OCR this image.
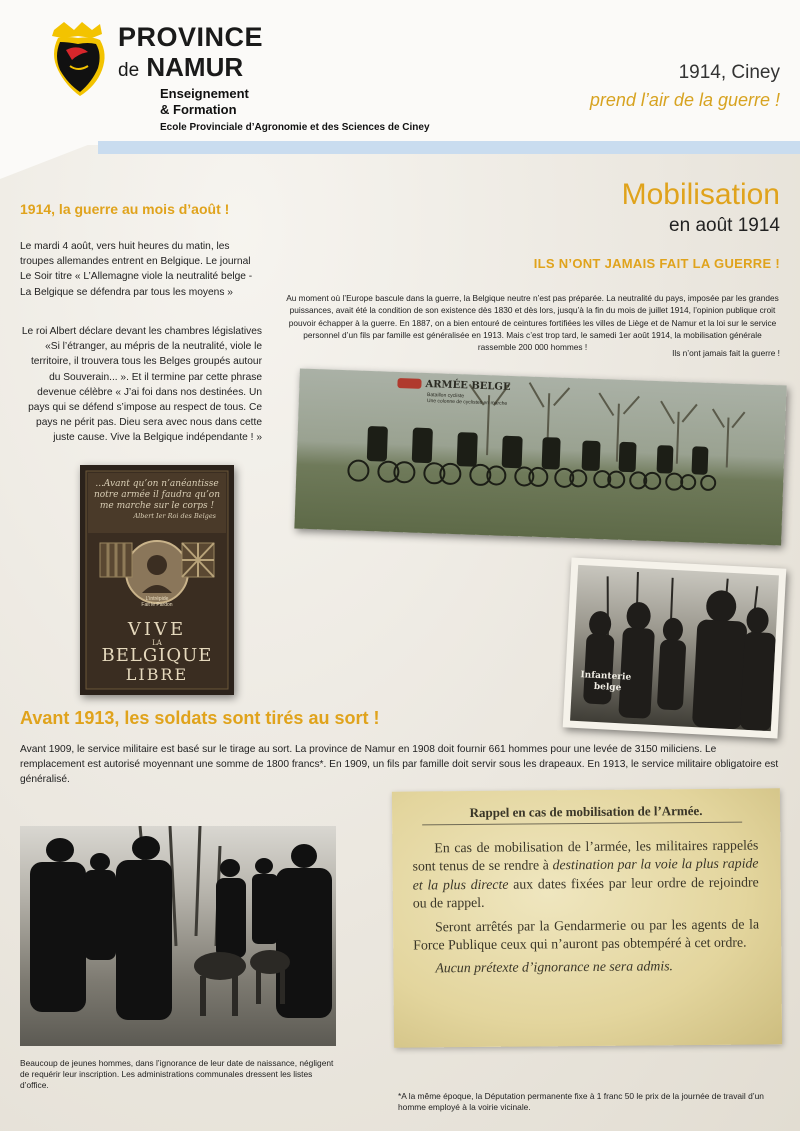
PROVINCE
de NAMUR
Enseignement
& Formation
Ecole Provinciale d’Agronomie et des Sciences de Ciney
1914, Ciney
prend l’air de la guerre !
1914, la guerre au mois d’août !
Le mardi 4 août, vers huit heures du matin, les troupes allemandes entrent en Belgique. Le journal Le Soir titre « L’Allemagne viole la neutralité belge - La Belgique se défendra par tous les moyens »
Le roi Albert déclare devant les chambres législatives «Si l’étranger, au mépris de la neutralité, viole le territoire, il trouvera tous les Belges groupés autour du Souverain... ». Et il termine par cette phrase devenue célèbre « J’ai foi dans nos destinées. Un pays qui se défend s’impose au respect de tous. Ce pays ne périt pas. Dieu sera avec nous dans cette juste cause. Vive la Belgique indépendante ! »
...Avant qu’on n’anéantisse
notre armée il faudra qu’on
me marche sur le corps !
Albert Ier Roi des Belges
L’intrépide
Fait le Pardon
VIVE
LA
BELGIQUE
LIBRE
Mobilisation
en août 1914
ILS N’ONT JAMAIS FAIT LA GUERRE !
Au moment où l’Europe bascule dans la guerre, la Belgique neutre n’est pas préparée. La neutralité du pays, imposée par les grandes puissances, avait été la condition de son existence dès 1830 et dès lors, jusqu’à la fin du mois de juillet 1914, l’opinion publique croit pouvoir échapper à la guerre. En 1887, on a bien entouré de ceintures fortifiées les villes de Liège et de Namur et la loi sur le service personnel d’un fils par famille est généralisée en 1913. Mais c’est trop tard, le samedi 1er août 1914, la mobilisation générale rassemble 200 000 hommes !
Ils n’ont jamais fait la guerre !
ARMÉE BELGE
Bataillon cycliste
Une colonne de cyclistes en marche
Infanterie
belge
Avant 1913, les soldats sont tirés au sort !
Avant 1909, le service militaire est basé sur le tirage au sort. La province de Namur en 1908 doit fournir 661 hommes pour une levée de 3150 miliciens. Le remplacement est autorisé moyennant une somme de 1800 francs*. En 1909, un fils par famille doit servir sous les drapeaux. En 1913, le service militaire obligatoire est généralisé.
Beaucoup de jeunes hommes, dans l’ignorance de leur date de naissance, négligent de requérir leur inscription. Les administrations communales dressent les listes d’office.
Rappel en cas de mobilisation de l’Armée.
En cas de mobilisation de l’armée, les militaires rappelés sont tenus de se rendre à destination par la voie la plus rapide et la plus directe aux dates fixées par leur ordre de rejoindre ou de rappel.
Seront arrêtés par la Gendarmerie ou par les agents de la Force Publique ceux qui n’auront pas obtempéré à cet ordre.
Aucun prétexte d’ignorance ne sera admis.
*A la même époque, la Députation permanente fixe à 1 franc 50 le prix de la journée de travail d’un homme employé à la voirie vicinale.
